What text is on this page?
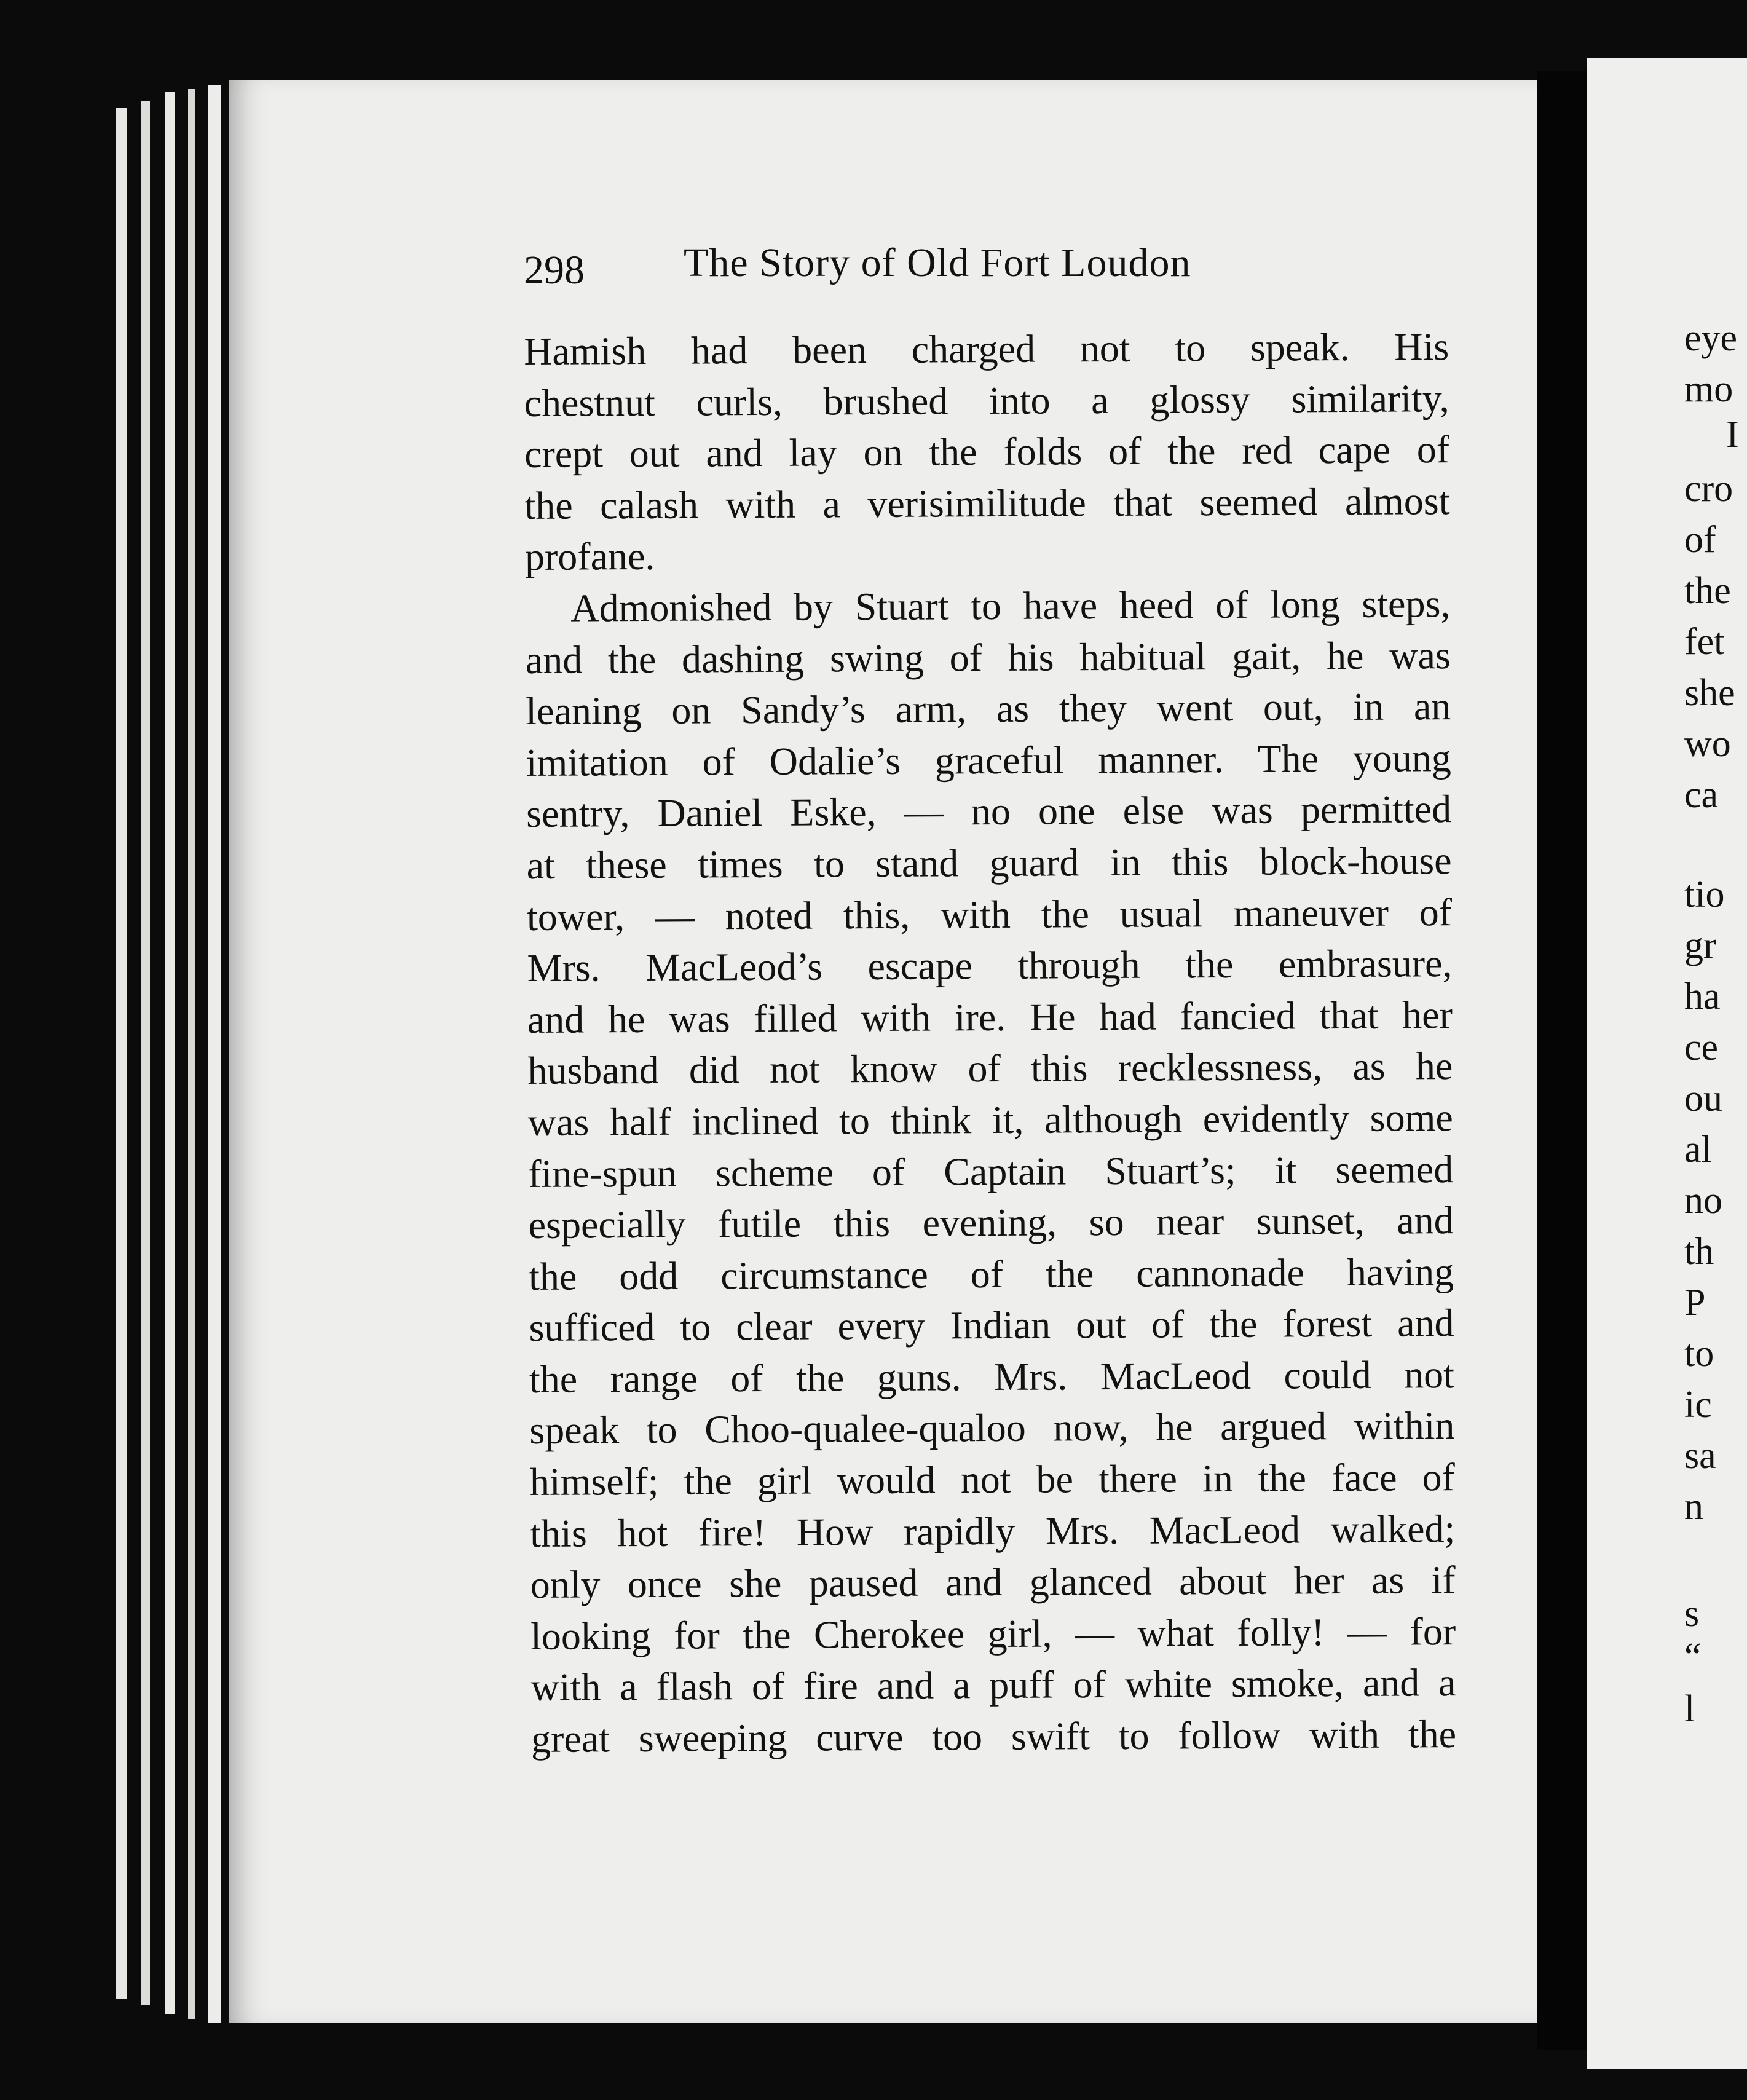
298 The Story of Old Fort Loudon
Hamish had been charged not to speak. His
chestnut curls, brushed into a glossy similarity,
crept out and lay on the folds of the red cape of
the calash with a verisimilitude that seemed almost
profane.
Admonished by Stuart to have heed of long steps,
and the dashing swing of his habitual gait, he was
leaning on Sandy’s arm, as they went out, in an
imitation of Odalie’s graceful manner. The young
sentry, Daniel Eske, — no one else was permitted
at these times to stand guard in this block-house
tower, — noted this, with the usual maneuver of
Mrs. MacLeod’s escape through the embrasure,
and he was filled with ire. He had fancied that her
husband did not know of this recklessness, as he
was half inclined to think it, although evidently some
fine-spun scheme of Captain Stuart’s; it seemed
especially futile this evening, so near sunset, and
the odd circumstance of the cannonade having
sufficed to clear every Indian out of the forest and
the range of the guns. Mrs. MacLeod could not
speak to Choo-qualee-qualoo now, he argued within
himself; the girl would not be there in the face of
this hot fire! How rapidly Mrs. MacLeod walked;
only once she paused and glanced about her as if
looking for the Cherokee girl, — what folly! — for
with a flash of fire and a puff of white smoke, and a
great sweeping curve too swift to follow with the
eye
mo
I
cro
of
the
fet
she
wo
ca
tio
gr
ha
ce
ou
al
no
th
P
to
ic
sa
n
s
“
l
